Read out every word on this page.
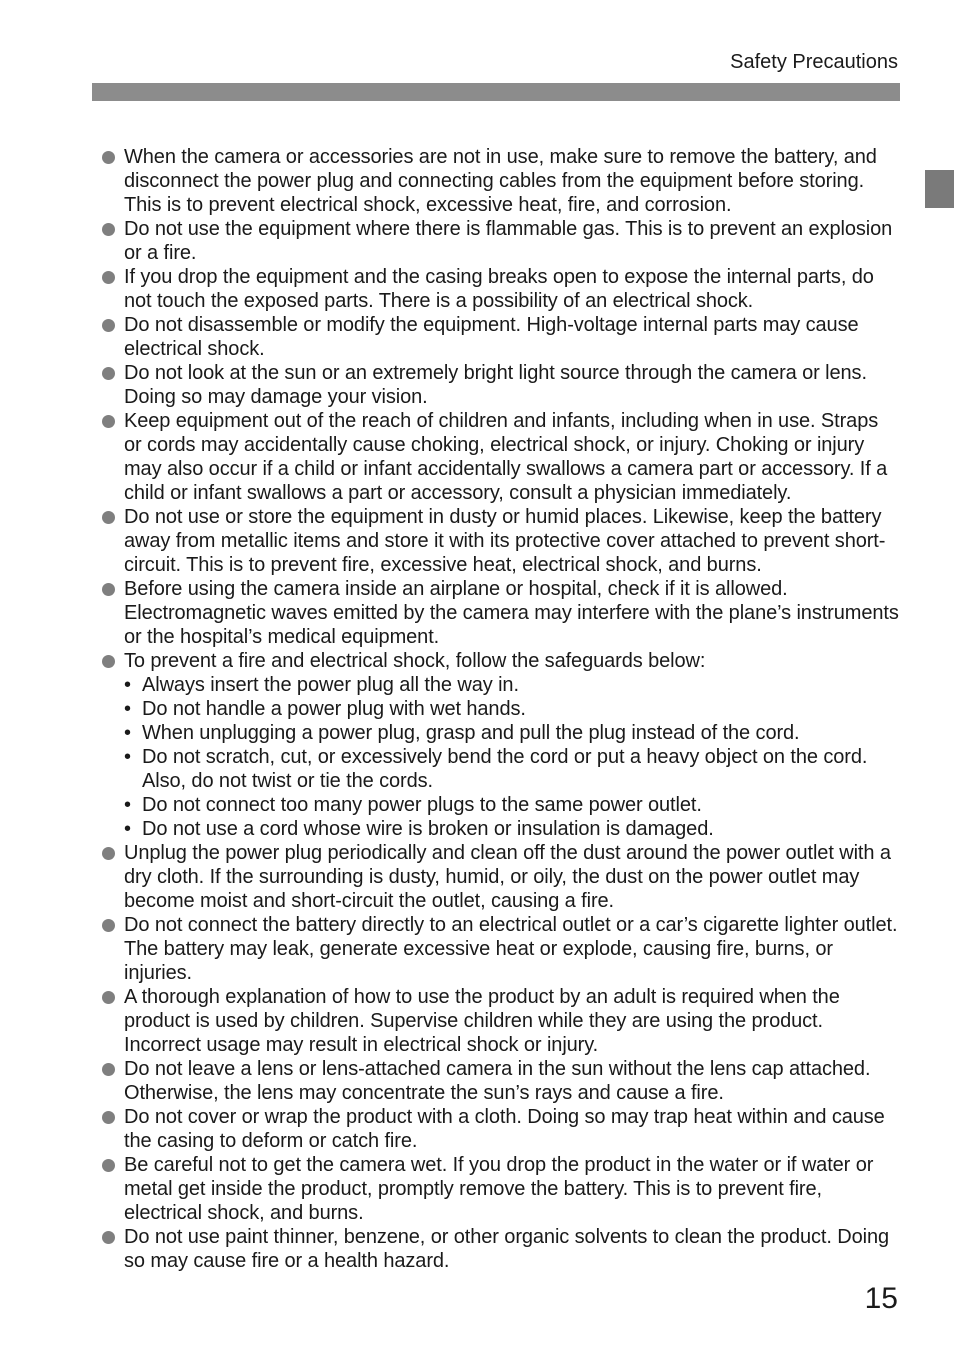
Safety Precautions
When the camera or accessories are not in use, make sure to remove the battery, and disconnect the power plug and connecting cables from the equipment before storing. This is to prevent electrical shock, excessive heat, fire, and corrosion.
Do not use the equipment where there is flammable gas. This is to prevent an explosion or a fire.
If you drop the equipment and the casing breaks open to expose the internal parts, do not touch the exposed parts. There is a possibility of an electrical shock.
Do not disassemble or modify the equipment. High-voltage internal parts may cause electrical shock.
Do not look at the sun or an extremely bright light source through the camera or lens. Doing so may damage your vision.
Keep equipment out of the reach of children and infants, including when in use. Straps or cords may accidentally cause choking, electrical shock, or injury. Choking or injury may also occur if a child or infant accidentally swallows a camera part or accessory. If a child or infant swallows a part or accessory, consult a physician immediately.
Do not use or store the equipment in dusty or humid places. Likewise, keep the battery away from metallic items and store it with its protective cover attached to prevent short-circuit. This is to prevent fire, excessive heat, electrical shock, and burns.
Before using the camera inside an airplane or hospital, check if it is allowed. Electromagnetic waves emitted by the camera may interfere with the plane’s instruments or the hospital’s medical equipment.
To prevent a fire and electrical shock, follow the safeguards below:
• Always insert the power plug all the way in.
• Do not handle a power plug with wet hands.
• When unplugging a power plug, grasp and pull the plug instead of the cord.
• Do not scratch, cut, or excessively bend the cord or put a heavy object on the cord. Also, do not twist or tie the cords.
• Do not connect too many power plugs to the same power outlet.
• Do not use a cord whose wire is broken or insulation is damaged.
Unplug the power plug periodically and clean off the dust around the power outlet with a dry cloth. If the surrounding is dusty, humid, or oily, the dust on the power outlet may become moist and short-circuit the outlet, causing a fire.
Do not connect the battery directly to an electrical outlet or a car’s cigarette lighter outlet. The battery may leak, generate excessive heat or explode, causing fire, burns, or injuries.
A thorough explanation of how to use the product by an adult is required when the product is used by children. Supervise children while they are using the product. Incorrect usage may result in electrical shock or injury.
Do not leave a lens or lens-attached camera in the sun without the lens cap attached. Otherwise, the lens may concentrate the sun’s rays and cause a fire.
Do not cover or wrap the product with a cloth. Doing so may trap heat within and cause the casing to deform or catch fire.
Be careful not to get the camera wet. If you drop the product in the water or if water or metal get inside the product, promptly remove the battery. This is to prevent fire, electrical shock, and burns.
Do not use paint thinner, benzene, or other organic solvents to clean the product. Doing so may cause fire or a health hazard.
15
